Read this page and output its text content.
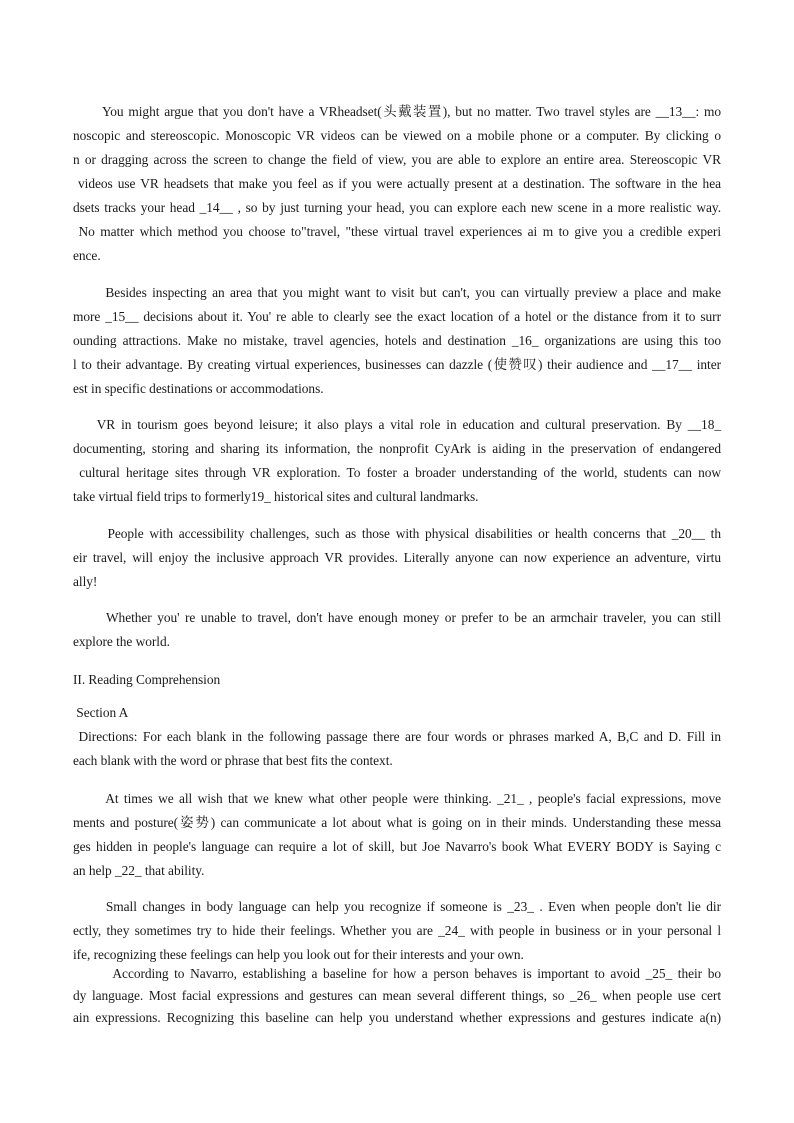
You might argue that you don't have a VRheadset(头戴装置), but no matter. Two travel styles are __13__: mo
noscopic and stereoscopic. Monoscopic VR videos can be viewed on a mobile phone or a computer. By clicking o
n or dragging across the screen to change the field of view, you are able to explore an entire area. Stereoscopic VR
videos use VR headsets that make you feel as if you were actually present at a destination. The software in the hea
dsets tracks your head _14__ , so by just turning your head, you can explore each new scene in a more realistic way.
No matter which method you choose to"travel, "these virtual travel experiences ai m to give you a credible experi
ence.
Besides inspecting an area that you might want to visit but can't, you can virtually preview a place and make
more _15__ decisions about it. You' re able to clearly see the exact location of a hotel or the distance from it to surr
ounding attractions. Make no mistake, travel agencies, hotels and destination _16_ organizations are using this too
l to their advantage. By creating virtual experiences, businesses can dazzle (使赞叹) their audience and __17__ inter
est in specific destinations or accommodations.
VR in tourism goes beyond leisure; it also plays a vital role in education and cultural preservation. By __18_
documenting, storing and sharing its information, the nonprofit CyArk is aiding in the preservation of endangered
cultural heritage sites through VR exploration. To foster a broader understanding of the world, students can now
take virtual field trips to formerly19_ historical sites and cultural landmarks.
People with accessibility challenges, such as those with physical disabilities or health concerns that _20__ th
eir travel, will enjoy the inclusive approach VR provides. Literally anyone can now experience an adventure, virtu
ally!
Whether you' re unable to travel, don't have enough money or prefer to be an armchair traveler, you can still
explore the world.
II. Reading Comprehension
Section A
Directions: For each blank in the following passage there are four words or phrases marked A, B,C and D. Fill in
each blank with the word or phrase that best fits the context.
At times we all wish that we knew what other people were thinking. _21_ , people's facial expressions, move
ments and posture(姿势) can communicate a lot about what is going on in their minds. Understanding these messa
ges hidden in people's language can require a lot of skill, but Joe Navarro's book What EVERY BODY is Saying c
an help _22_ that ability.
Small changes in body language can help you recognize if someone is _23_ . Even when people don't lie dir
ectly, they sometimes try to hide their feelings. Whether you are _24_ with people in business or in your personal l
ife, recognizing these feelings can help you look out for their interests and your own.
According to Navarro, establishing a baseline for how a person behaves is important to avoid _25_ their bo
dy language. Most facial expressions and gestures can mean several different things, so _26_ when people use cert
ain expressions. Recognizing this baseline can help you understand whether expressions and gestures indicate a(n)
